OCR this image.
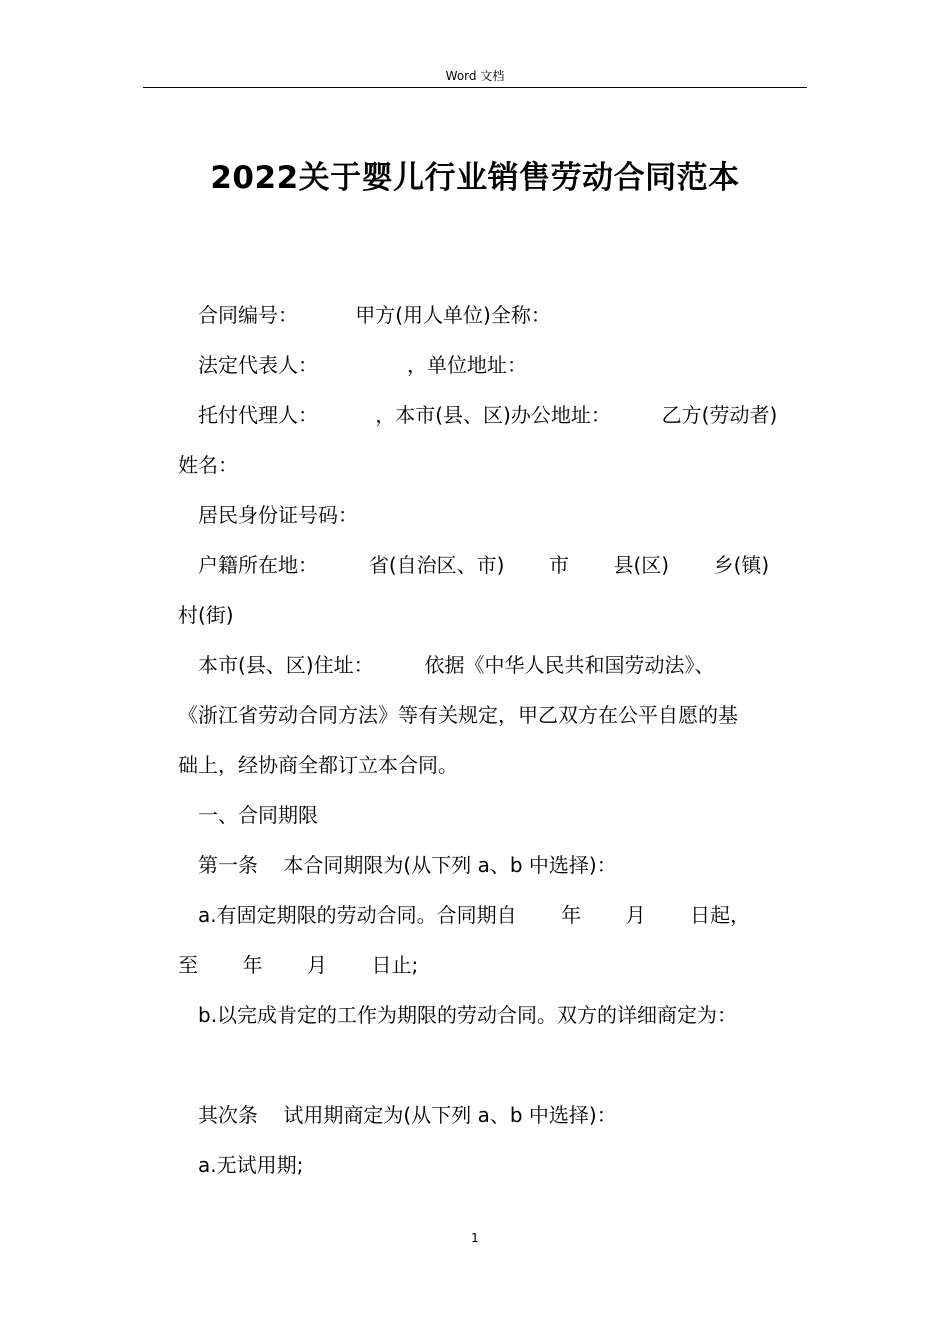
Word 文档
2022关于婴儿行业销售劳动合同范本

合同编号：         甲方(用人单位)全称：

法定代表人：              ，单位地址：

托付代理人：         ，本市(县、区)办公地址：        乙方(劳动者)

姓名：

居民身份证号码：

户籍所在地：        省(自治区、市)       市       县(区)       乡(镇)

村(街)

本市(县、区)住址：        依据《中华人民共和国劳动法》、

《浙江省劳动合同方法》等有关规定，甲乙双方在公平自愿的基

础上，经协商全都订立本合同。

一、合同期限

第一条    本合同期限为(从下列 a、b 中选择)：

a.有固定期限的劳动合同。合同期自       年       月       日起，

至       年       月       日止;

b.以完成肯定的工作为期限的劳动合同。双方的详细商定为：

其次条    试用期商定为(从下列 a、b 中选择)：

a.无试用期;

1
